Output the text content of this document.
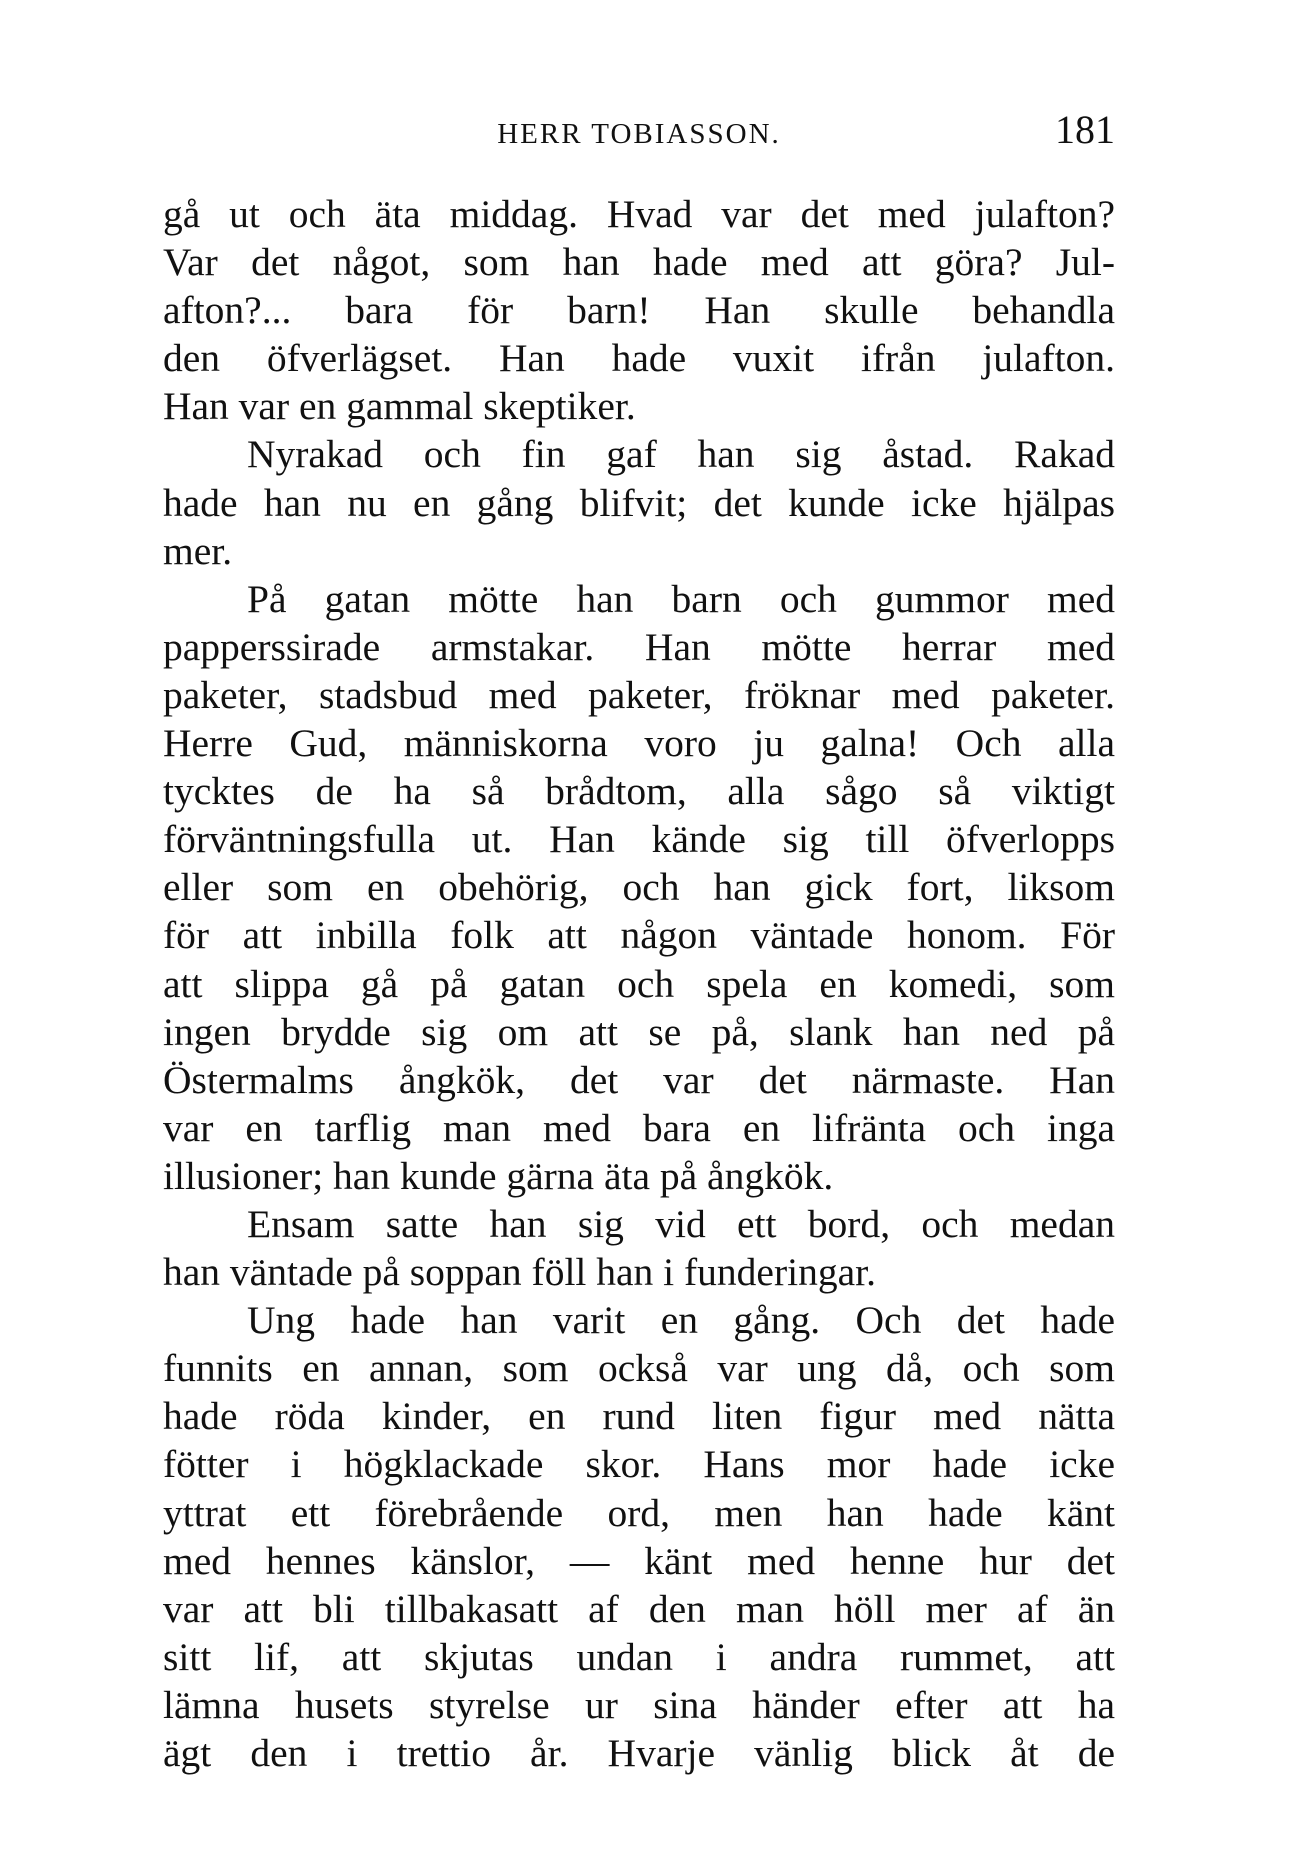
HERR TOBIASSON.	181
gå ut och äta middag. Hvad var det med julafton?
Var det något, som han hade med att göra? Jul-
afton?... bara för barn! Han skulle behandla
den öfverlägset. Han hade vuxit ifrån julafton.
Han var en gammal skeptiker.
Nyrakad och fin gaf han sig åstad. Rakad
hade han nu en gång blifvit; det kunde icke hjälpas
mer.
På gatan mötte han barn och gummor med
papperssirade armstakar. Han mötte herrar med
paketer, stadsbud med paketer, fröknar med paketer.
Herre Gud, människorna voro ju galna! Och alla
tycktes de ha så brådtom, alla sågo så viktigt
förväntningsfulla ut. Han kände sig till öfverlopps
eller som en obehörig, och han gick fort, liksom
för att inbilla folk att någon väntade honom. För
att slippa gå på gatan och spela en komedi, som
ingen brydde sig om att se på, slank han ned på
Östermalms ångkök, det var det närmaste. Han
var en tarflig man med bara en lifränta och inga
illusioner; han kunde gärna äta på ångkök.
Ensam satte han sig vid ett bord, och medan
han väntade på soppan föll han i funderingar.
Ung hade han varit en gång. Och det hade
funnits en annan, som också var ung då, och som
hade röda kinder, en rund liten figur med nätta
fötter i högklackade skor. Hans mor hade icke
yttrat ett förebrående ord, men han hade känt
med hennes känslor, — känt med henne hur det
var att bli tillbakasatt af den man höll mer af än
sitt lif, att skjutas undan i andra rummet, att
lämna husets styrelse ur sina händer efter att ha
ägt den i trettio år. Hvarje vänlig blick åt de
